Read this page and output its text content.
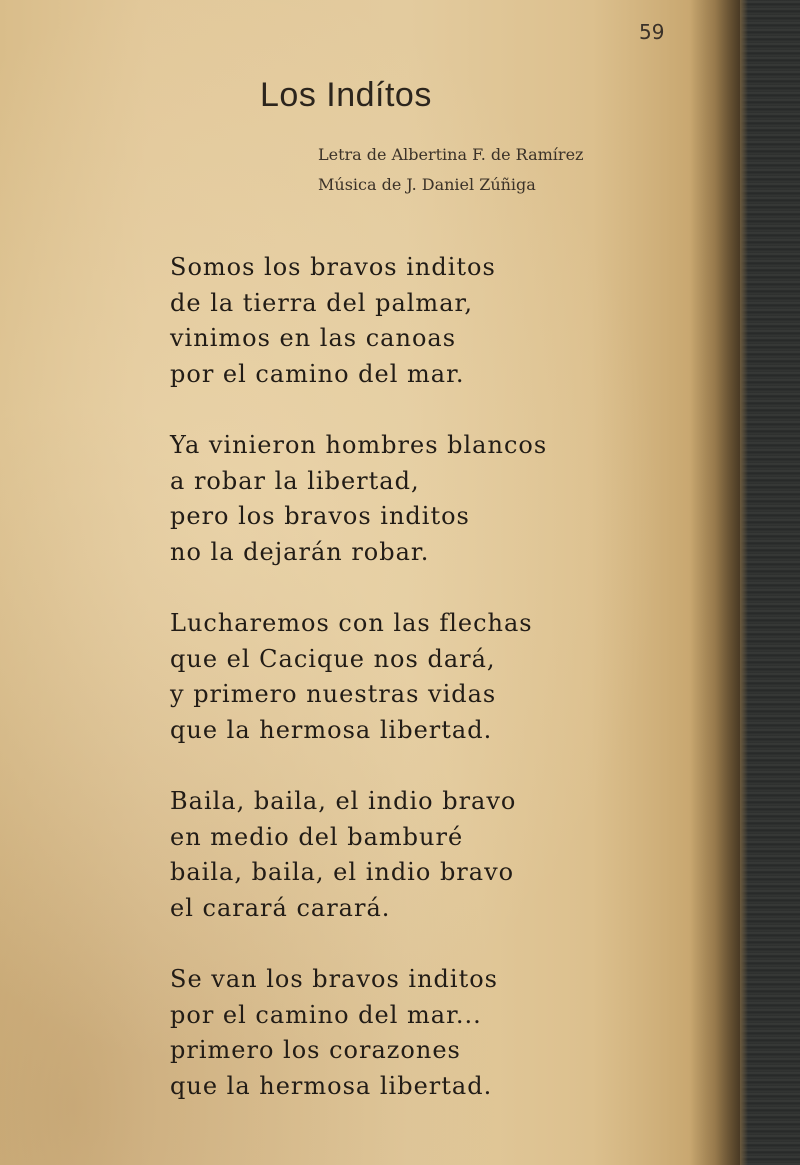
59
Los Indítos
Letra de Albertina F. de Ramírez
Música de J. Daniel Zúñiga
Somos los bravos inditos
de la tierra del palmar,
vinimos en las canoas
por el camino del mar.
Ya vinieron hombres blancos
a robar la libertad,
pero los bravos inditos
no la dejarán robar.
Lucharemos con las flechas
que el Cacique nos dará,
y primero nuestras vidas
que la hermosa libertad.
Baila, baila, el indio bravo
en medio del bamburé
baila, baila, el indio bravo
el carará carará.
Se van los bravos inditos
por el camino del mar...
primero los corazones
que la hermosa libertad.
